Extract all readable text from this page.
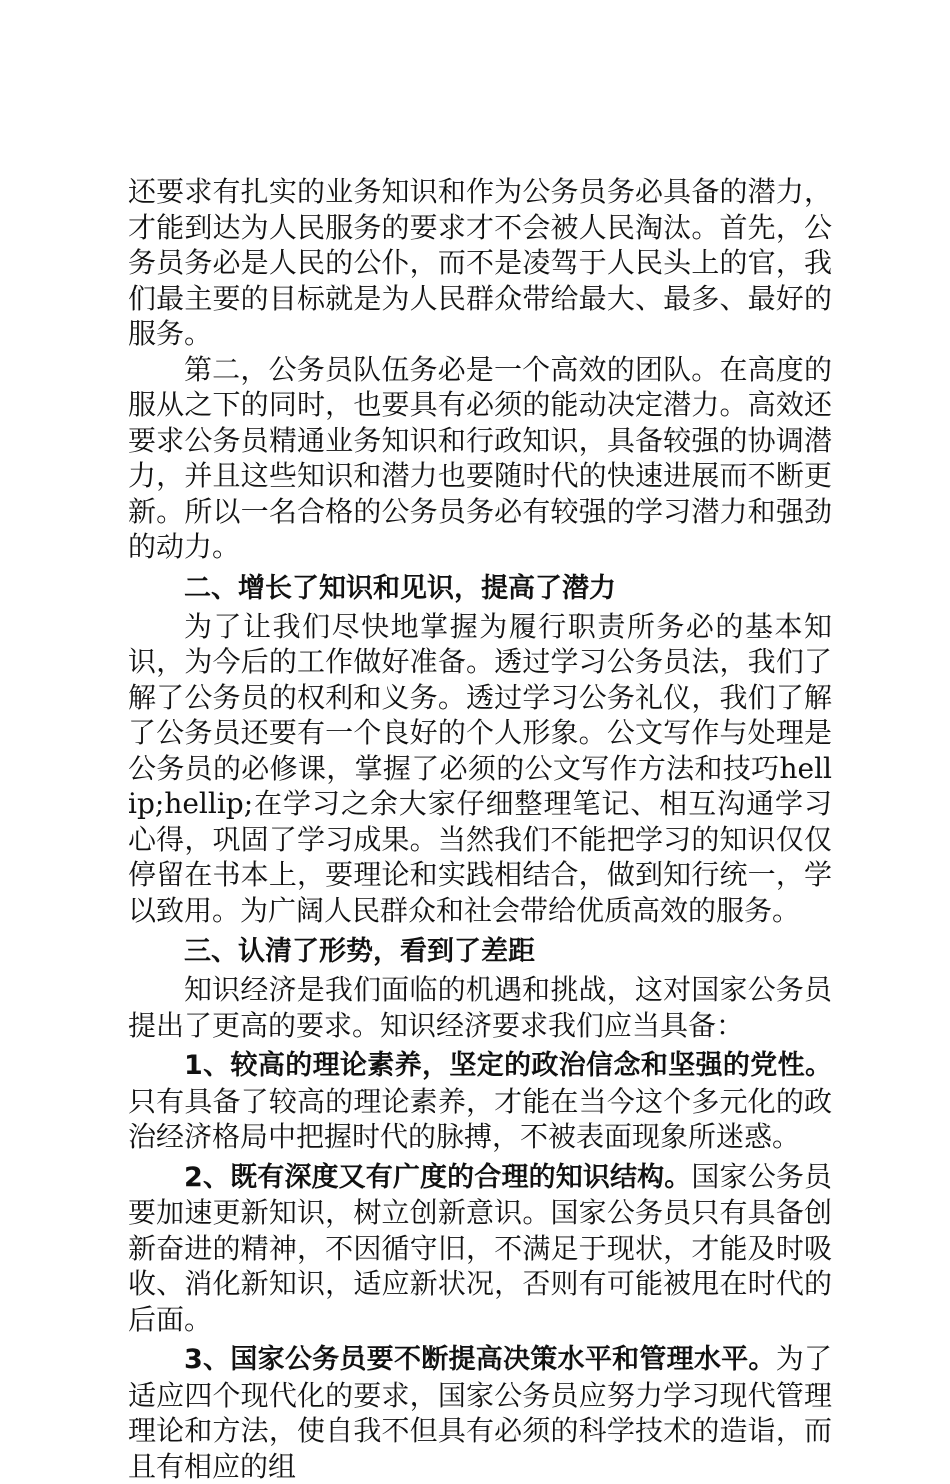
还要求有扎实的业务知识和作为公务员务必具备的潜力，才能到达为人民服务的要求才不会被人民淘汰。首先，公务员务必是人民的公仆，而不是凌驾于人民头上的官，我们最主要的目标就是为人民群众带给最大、最多、最好的服务。

第二，公务员队伍务必是一个高效的团队。在高度的服从之下的同时，也要具有必须的能动决定潜力。高效还要求公务员精通业务知识和行政知识，具备较强的协调潜力，并且这些知识和潜力也要随时代的快速进展而不断更新。所以一名合格的公务员务必有较强的学习潜力和强劲的动力。

二、增长了知识和见识，提高了潜力

为了让我们尽快地掌握为履行职责所务必的基本知识，为今后的工作做好准备。透过学习公务员法，我们了解了公务员的权利和义务。透过学习公务礼仪，我们了解了公务员还要有一个良好的个人形象。公文写作与处理是公务员的必修课，掌握了必须的公文写作方法和技巧hellip;hellip;在学习之余大家仔细整理笔记、相互沟通学习心得，巩固了学习成果。当然我们不能把学习的知识仅仅停留在书本上，要理论和实践相结合，做到知行统一，学以致用。为广阔人民群众和社会带给优质高效的服务。

三、认清了形势，看到了差距

知识经济是我们面临的机遇和挑战，这对国家公务员提出了更高的要求。知识经济要求我们应当具备：

1、较高的理论素养，坚定的政治信念和坚强的党性。只有具备了较高的理论素养，才能在当今这个多元化的政治经济格局中把握时代的脉搏，不被表面现象所迷惑。

2、既有深度又有广度的合理的知识结构。国家公务员要加速更新知识，树立创新意识。国家公务员只有具备创新奋进的精神，不因循守旧，不满足于现状，才能及时吸收、消化新知识，适应新状况，否则有可能被甩在时代的后面。

3、国家公务员要不断提高决策水平和管理水平。为了适应四个现代化的要求，国家公务员应努力学习现代管理理论和方法，使自我不但具有必须的科学技术的造诣，而且有相应的组
